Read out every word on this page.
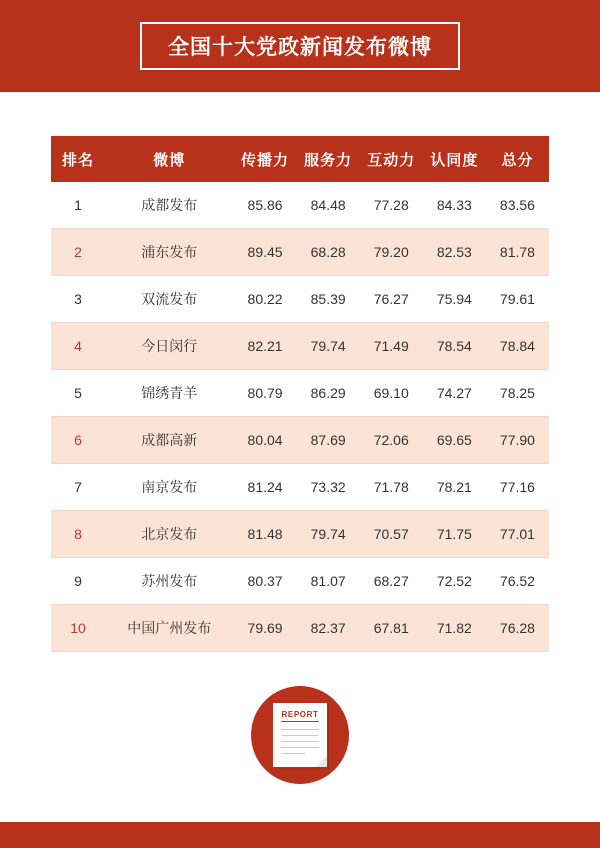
全国十大党政新闻发布微博
排名	微博	传播力	服务力	互动力	认同度	总分
1	成都发布	85.86	84.48	77.28	84.33	83.56
2	浦东发布	89.45	68.28	79.20	82.53	81.78
3	双流发布	80.22	85.39	76.27	75.94	79.61
4	今日闵行	82.21	79.74	71.49	78.54	78.84
5	锦绣青羊	80.79	86.29	69.10	74.27	78.25
6	成都高新	80.04	87.69	72.06	69.65	77.90
7	南京发布	81.24	73.32	71.78	78.21	77.16
8	北京发布	81.48	79.74	70.57	71.75	77.01
9	苏州发布	80.37	81.07	68.27	72.52	76.52
10	中国广州发布	79.69	82.37	67.81	71.82	76.28
REPORT
